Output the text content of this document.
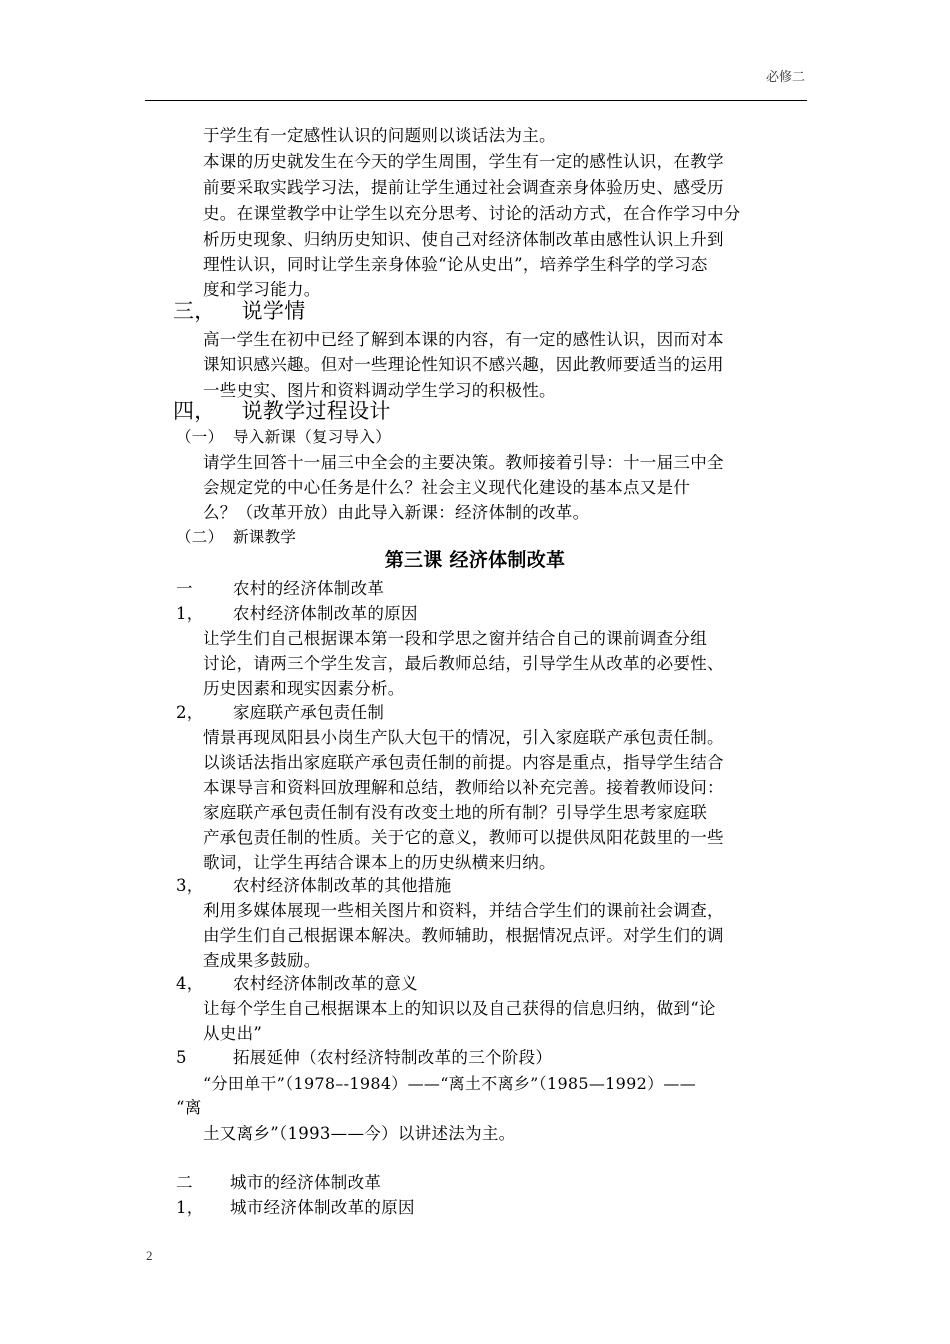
必修二
于学生有一定感性认识的问题则以谈话法为主。
本课的历史就发生在今天的学生周围，学生有一定的感性认识，在教学
前要采取实践学习法，提前让学生通过社会调查亲身体验历史、感受历
史。在课堂教学中让学生以充分思考、讨论的活动方式，在合作学习中分
析历史现象、归纳历史知识、使自己对经济体制改革由感性认识上升到
理性认识，同时让学生亲身体验“论从史出”，培养学生科学的学习态
度和学习能力。
三， 说学情
高一学生在初中已经了解到本课的内容，有一定的感性认识，因而对本
课知识感兴趣。但对一些理论性知识不感兴趣，因此教师要适当的运用
一些史实、图片和资料调动学生学习的积极性。
四， 说教学过程设计
（一） 导入新课（复习导入）
请学生回答十一届三中全会的主要决策。教师接着引导：十一届三中全
会规定党的中心任务是什么？社会主义现代化建设的基本点又是什
么？（改革开放）由此导入新课：经济体制的改革。
（二） 新课教学
第三课 经济体制改革
一 农村的经济体制改革
1， 农村经济体制改革的原因
让学生们自己根据课本第一段和学思之窗并结合自己的课前调查分组
讨论，请两三个学生发言，最后教师总结，引导学生从改革的必要性、
历史因素和现实因素分析。
2， 家庭联产承包责任制
情景再现凤阳县小岗生产队大包干的情况，引入家庭联产承包责任制。
以谈话法指出家庭联产承包责任制的前提。内容是重点，指导学生结合
本课导言和资料回放理解和总结，教师给以补充完善。接着教师设问：
家庭联产承包责任制有没有改变土地的所有制？引导学生思考家庭联
产承包责任制的性质。关于它的意义，教师可以提供凤阳花鼓里的一些
歌词，让学生再结合课本上的历史纵横来归纳。
3， 农村经济体制改革的其他措施
利用多媒体展现一些相关图片和资料，并结合学生们的课前社会调查，
由学生们自己根据课本解决。教师辅助，根据情况点评。对学生们的调
查成果多鼓励。
4， 农村经济体制改革的意义
让每个学生自己根据课本上的知识以及自己获得的信息归纳，做到“论
从史出”
5	拓展延伸（农村经济特制改革的三个阶段）
“分田单干”（1978–-1984）——“离土不离乡”（1985—1992）——
“离
土又离乡”（1993——今）以讲述法为主。
二 城市的经济体制改革
1， 城市经济体制改革的原因
2
